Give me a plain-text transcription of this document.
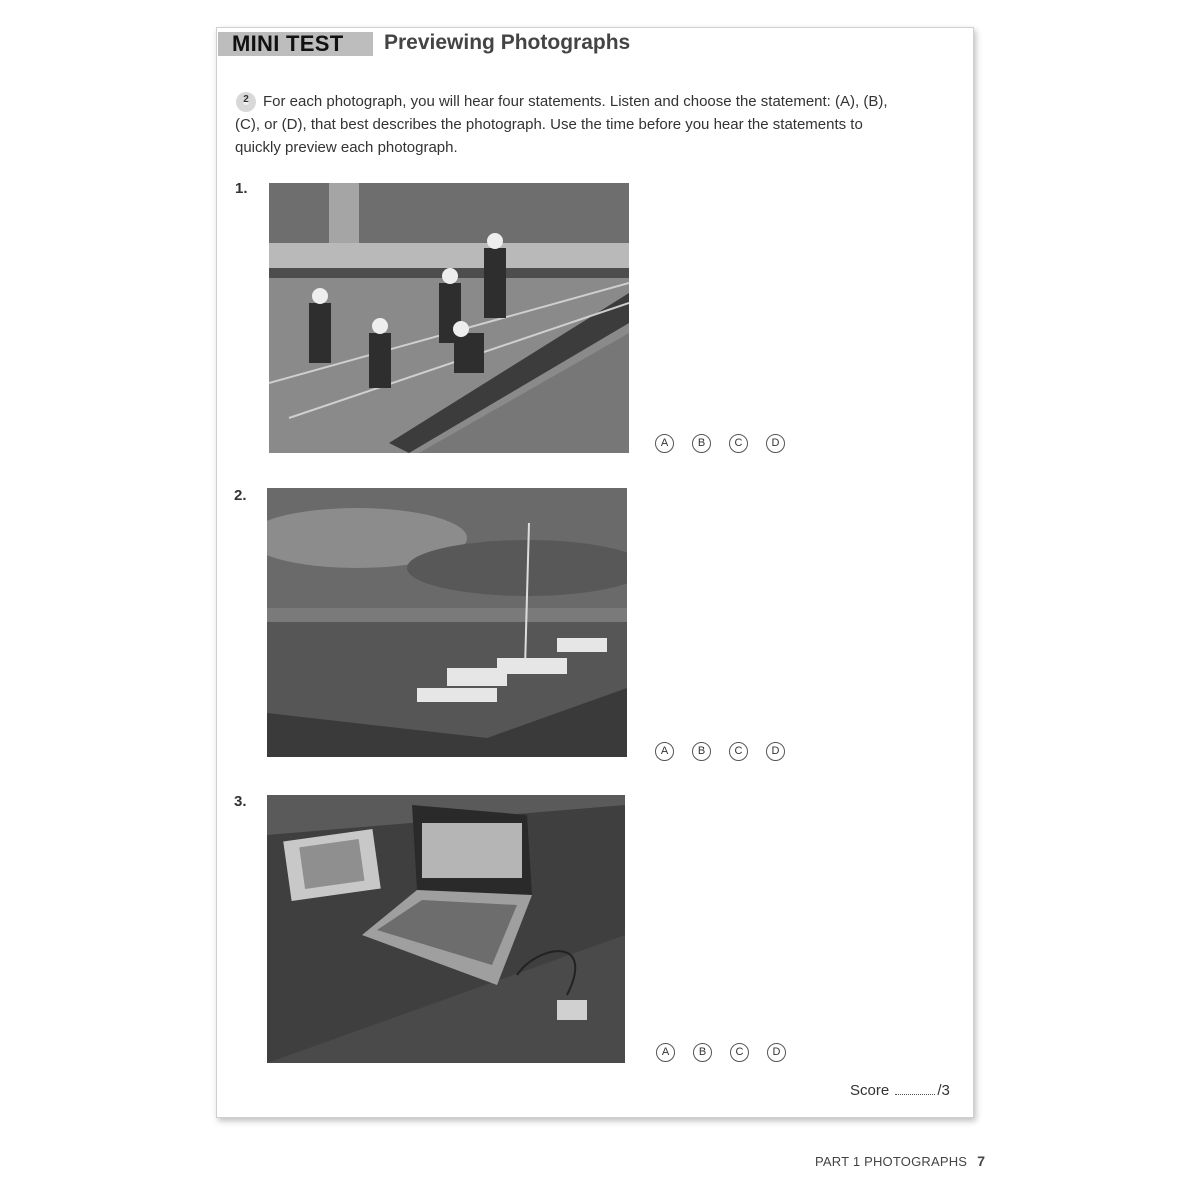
MINI TEST	Previewing Photographs
2 For each photograph, you will hear four statements. Listen and choose the statement: (A), (B), (C), or (D), that best describes the photograph. Use the time before you hear the statements to quickly preview each photograph.
1.
A	B	C	D
2.
A	B	C	D
3.
A	B	C	D
Score	/3
PART 1 PHOTOGRAPHS 7
